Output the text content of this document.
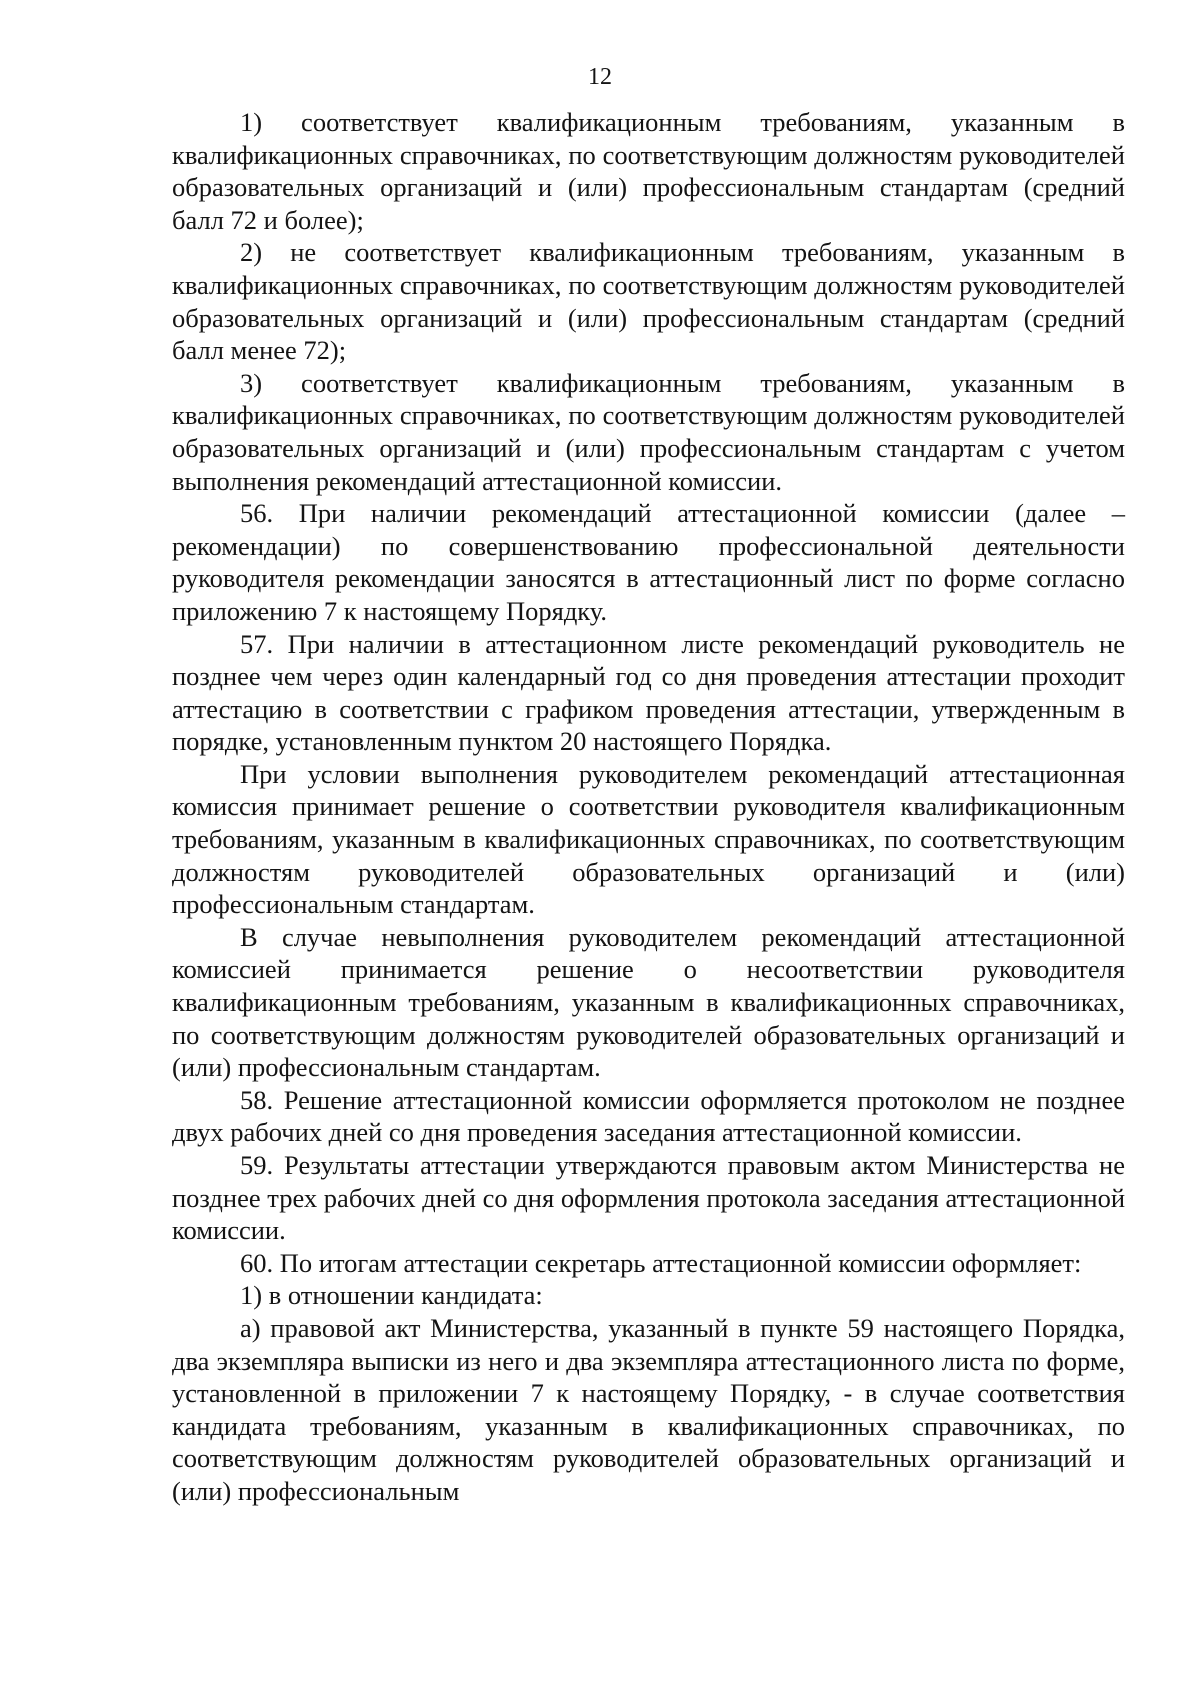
12

1) соответствует квалификационным требованиям, указанным в квалификационных справочниках, по соответствующим должностям руководителей образовательных организаций и (или) профессиональным стандартам (средний балл 72 и более);

2) не соответствует квалификационным требованиям, указанным в квалификационных справочниках, по соответствующим должностям руководителей образовательных организаций и (или) профессиональным стандартам (средний балл менее 72);

3) соответствует квалификационным требованиям, указанным в квалификационных справочниках, по соответствующим должностям руководителей образовательных организаций и (или) профессиональным стандартам с учетом выполнения рекомендаций аттестационной комиссии.

56. При наличии рекомендаций аттестационной комиссии (далее – рекомендации) по совершенствованию профессиональной деятельности руководителя рекомендации заносятся в аттестационный лист по форме согласно приложению 7 к настоящему Порядку.

57. При наличии в аттестационном листе рекомендаций руководитель не позднее чем через один календарный год со дня проведения аттестации проходит аттестацию в соответствии с графиком проведения аттестации, утвержденным в порядке, установленным пунктом 20 настоящего Порядка.

При условии выполнения руководителем рекомендаций аттестационная комиссия принимает решение о соответствии руководителя квалификационным требованиям, указанным в квалификационных справочниках, по соответствующим должностям руководителей образовательных организаций и (или) профессиональным стандартам.

В случае невыполнения руководителем рекомендаций аттестационной комиссией принимается решение о несоответствии руководителя квалификационным требованиям, указанным в квалификационных справочниках, по соответствующим должностям руководителей образовательных организаций и (или) профессиональным стандартам.

58. Решение аттестационной комиссии оформляется протоколом не позднее двух рабочих дней со дня проведения заседания аттестационной комиссии.

59. Результаты аттестации утверждаются правовым актом Министерства не позднее трех рабочих дней со дня оформления протокола заседания аттестационной комиссии.

60. По итогам аттестации секретарь аттестационной комиссии оформляет:

1) в отношении кандидата:

а) правовой акт Министерства, указанный в пункте 59 настоящего Порядка, два экземпляра выписки из него и два экземпляра аттестационного листа по форме, установленной в приложении 7 к настоящему Порядку, - в случае соответствия кандидата требованиям, указанным в квалификационных справочниках, по соответствующим должностям руководителей образовательных организаций и (или) профессиональным
